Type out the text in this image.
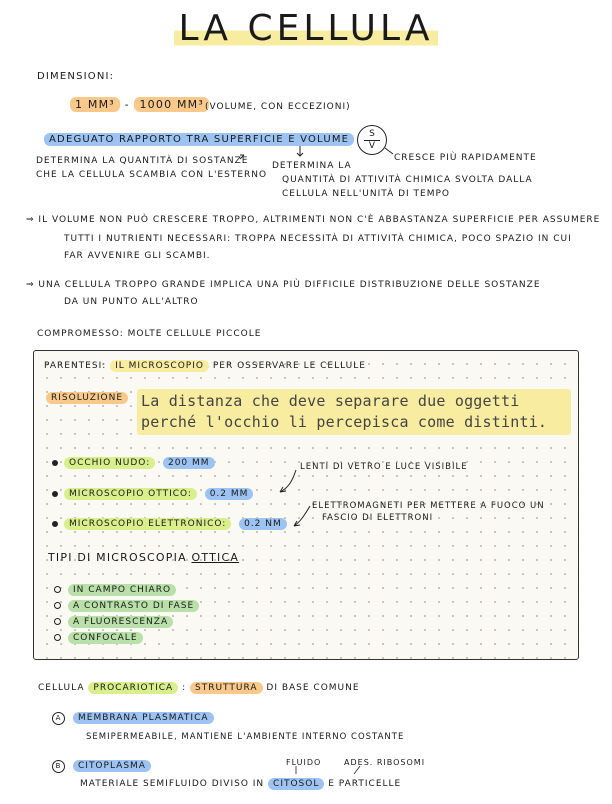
LA CELLULA
DIMENSIONI:
1 ΜM³ - 1000 ΜM³ (VOLUME, CON ECCEZIONI)
ADEGUATO RAPPORTO TRA SUPERFICIE E VOLUME	S
V
CRESCE PIÙ RAPIDAMENTE
DETERMINA LA QUANTITÀ DI SOSTANZE
CHE LA CELLULA SCAMBIA CON L'ESTERNO
DETERMINA LA
QUANTITÀ DI ATTIVITÀ CHIMICA SVOLTA DALLA
CELLULA NELL'UNITÀ DI TEMPO
⇒ IL VOLUME NON PUÒ CRESCERE TROPPO, ALTRIMENTI NON C'È ABBASTANZA SUPERFICIE PER ASSUMERE
TUTTI I NUTRIENTI NECESSARI: TROPPA NECESSITÀ DI ATTIVITÀ CHIMICA, POCO SPAZIO IN CUI
FAR AVVENIRE GLI SCAMBI.
⇒ UNA CELLULA TROPPO GRANDE IMPLICA UNA PIÙ DIFFICILE DISTRIBUZIONE DELLE SOSTANZE
DA UN PUNTO ALL'ALTRO
COMPROMESSO: MOLTE CELLULE PICCOLE
PARENTESI: IL MICROSCOPIO PER OSSERVARE LE CELLULE
RISOLUZIONE	La distanza che deve separare due oggetti
perché l'occhio li percepisca come distinti.
OCCHIO NUDO: 200 ΜM
MICROSCOPIO OTTICO: 0.2 ΜM
MICROSCOPIO ELETTRONICO: 0.2 NM
LENTI DI VETRO E LUCE VISIBILE
ELETTROMAGNETI PER METTERE A FUOCO UN
FASCIO DI ELETTRONI
TIPI DI MICROSCOPIA OTTICA
IN CAMPO CHIARO
A CONTRASTO DI FASE
A FLUORESCENZA
CONFOCALE
CELLULA PROCARIOTICA : STRUTTURA DI BASE COMUNE
A MEMBRANA PLASMATICA
SEMIPERMEABILE, MANTIENE L'AMBIENTE INTERNO COSTANTE
B CITOPLASMA	FLUIDO	ADES. RIBOSOMI
MATERIALE SEMIFLUIDO DIVISO IN CITOSOL E PARTICELLE
